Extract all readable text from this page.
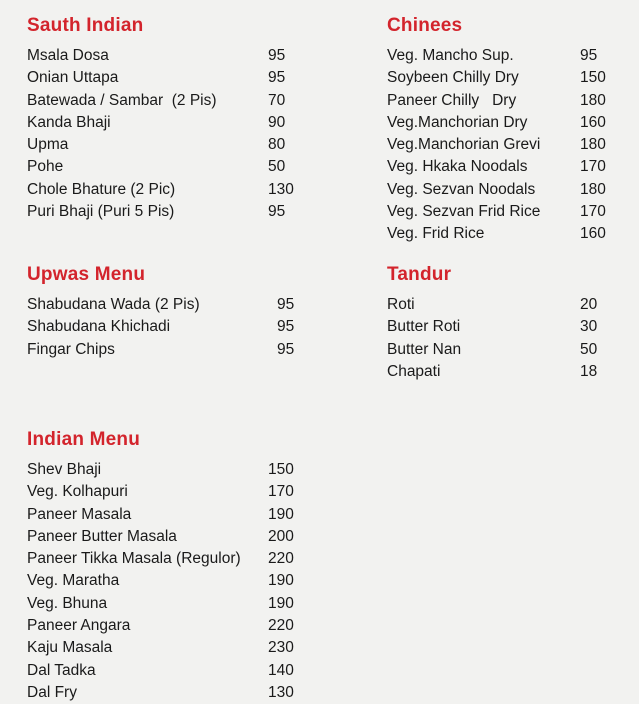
Sauth Indian
Msala Dosa	95
Onian Uttapa	95
Batewada / Sambar  (2 Pis)	70
Kanda Bhaji	90
Upma	80
Pohe	50
Chole Bhature (2 Pic)	130
Puri Bhaji (Puri 5 Pis)	95
Upwas Menu
Shabudana Wada (2 Pis)	95
Shabudana Khichadi	95
Fingar Chips	95
Indian Menu
Shev Bhaji	150
Veg. Kolhapuri	170
Paneer Masala	190
Paneer Butter Masala	200
Paneer Tikka Masala (Regulor) 220
Veg. Maratha	190
Veg. Bhuna	190
Paneer Angara	220
Kaju Masala	230
Dal Tadka	140
Dal Fry	130
Chinees
Veg. Mancho Sup.	95
Soybeen Chilly Dry	150
Paneer Chilly   Dry	180
Veg.Manchorian Dry	160
Veg.Manchorian Grevi	180
Veg. Hkaka Noodals	170
Veg. Sezvan Noodals	180
Veg. Sezvan Frid Rice	170
Veg. Frid Rice	160
Tandur
Roti	20
Butter Roti	30
Butter Nan	50
Chapati	18
